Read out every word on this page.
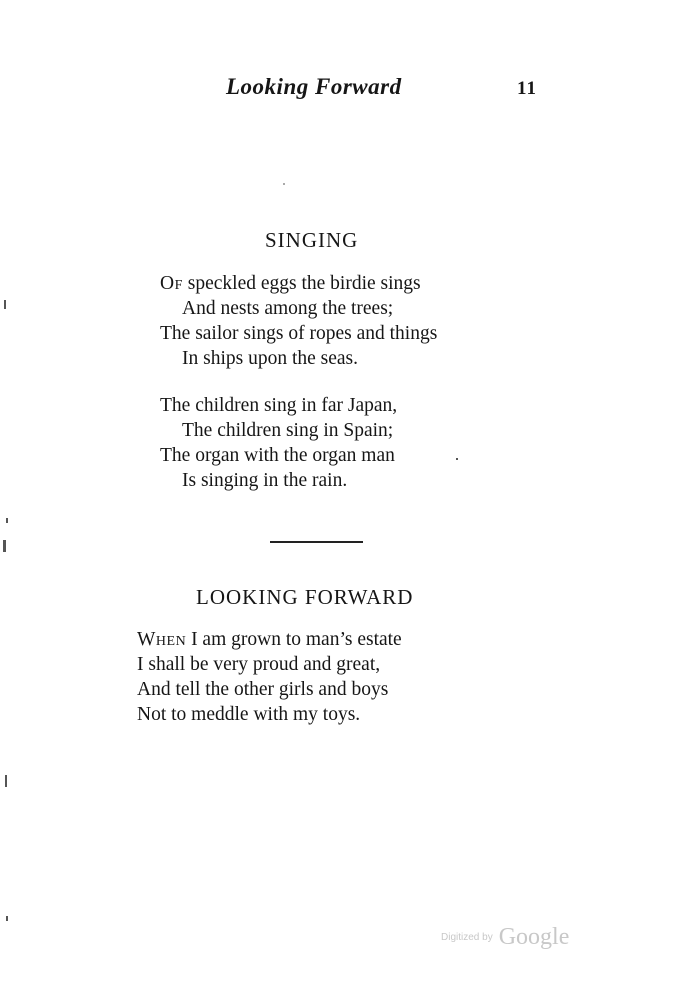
Looking Forward	11
SINGING
Of speckled eggs the birdie sings
And nests among the trees;
The sailor sings of ropes and things
In ships upon the seas.
The children sing in far Japan,
The children sing in Spain;
The organ with the organ man
Is singing in the rain.
LOOKING FORWARD
When I am grown to man’s estate
I shall be very proud and great,
And tell the other girls and boys
Not to meddle with my toys.
Digitized by Google
